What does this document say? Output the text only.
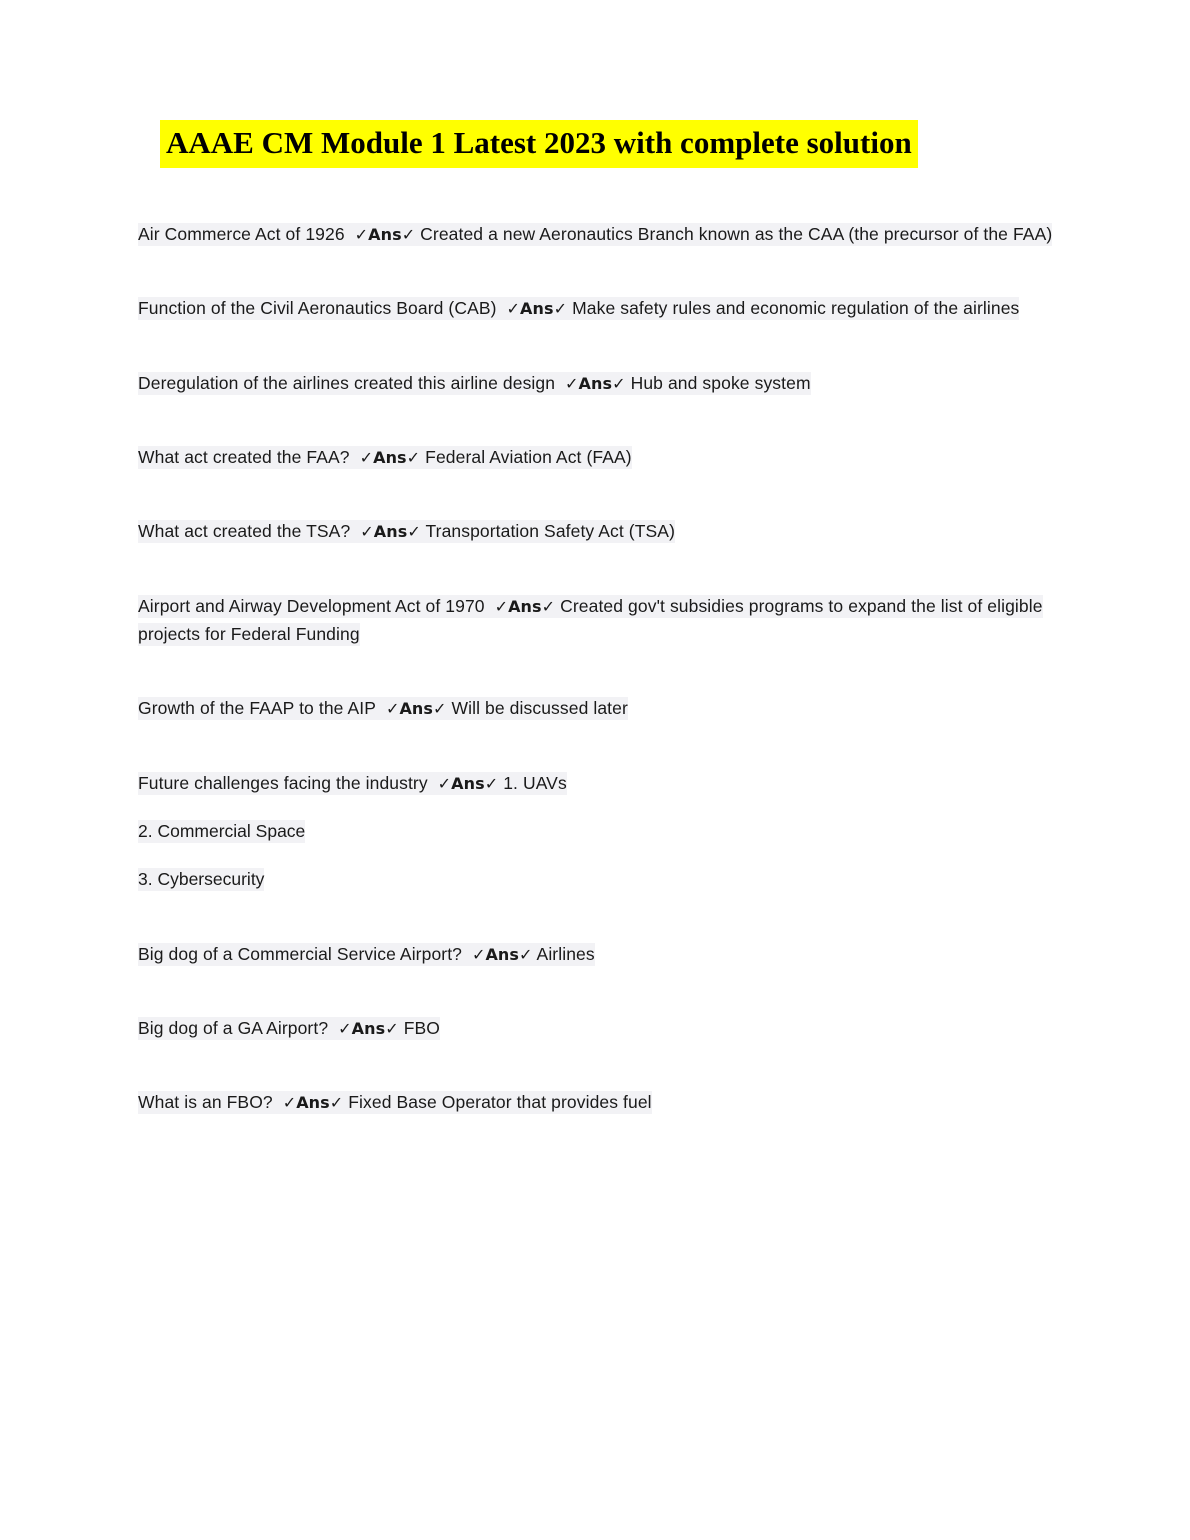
AAAE CM Module 1 Latest 2023 with complete solution
Air Commerce Act of 1926 ✓Ans✓ Created a new Aeronautics Branch known as the CAA (the precursor of the FAA)
Function of the Civil Aeronautics Board (CAB) ✓Ans✓ Make safety rules and economic regulation of the airlines
Deregulation of the airlines created this airline design ✓Ans✓ Hub and spoke system
What act created the FAA? ✓Ans✓ Federal Aviation Act (FAA)
What act created the TSA? ✓Ans✓ Transportation Safety Act (TSA)
Airport and Airway Development Act of 1970 ✓Ans✓ Created gov't subsidies programs to expand the list of eligible projects for Federal Funding
Growth of the FAAP to the AIP ✓Ans✓ Will be discussed later
Future challenges facing the industry ✓Ans✓ 1. UAVs
2. Commercial Space
3. Cybersecurity
Big dog of a Commercial Service Airport? ✓Ans✓ Airlines
Big dog of a GA Airport? ✓Ans✓ FBO
What is an FBO? ✓Ans✓ Fixed Base Operator that provides fuel
